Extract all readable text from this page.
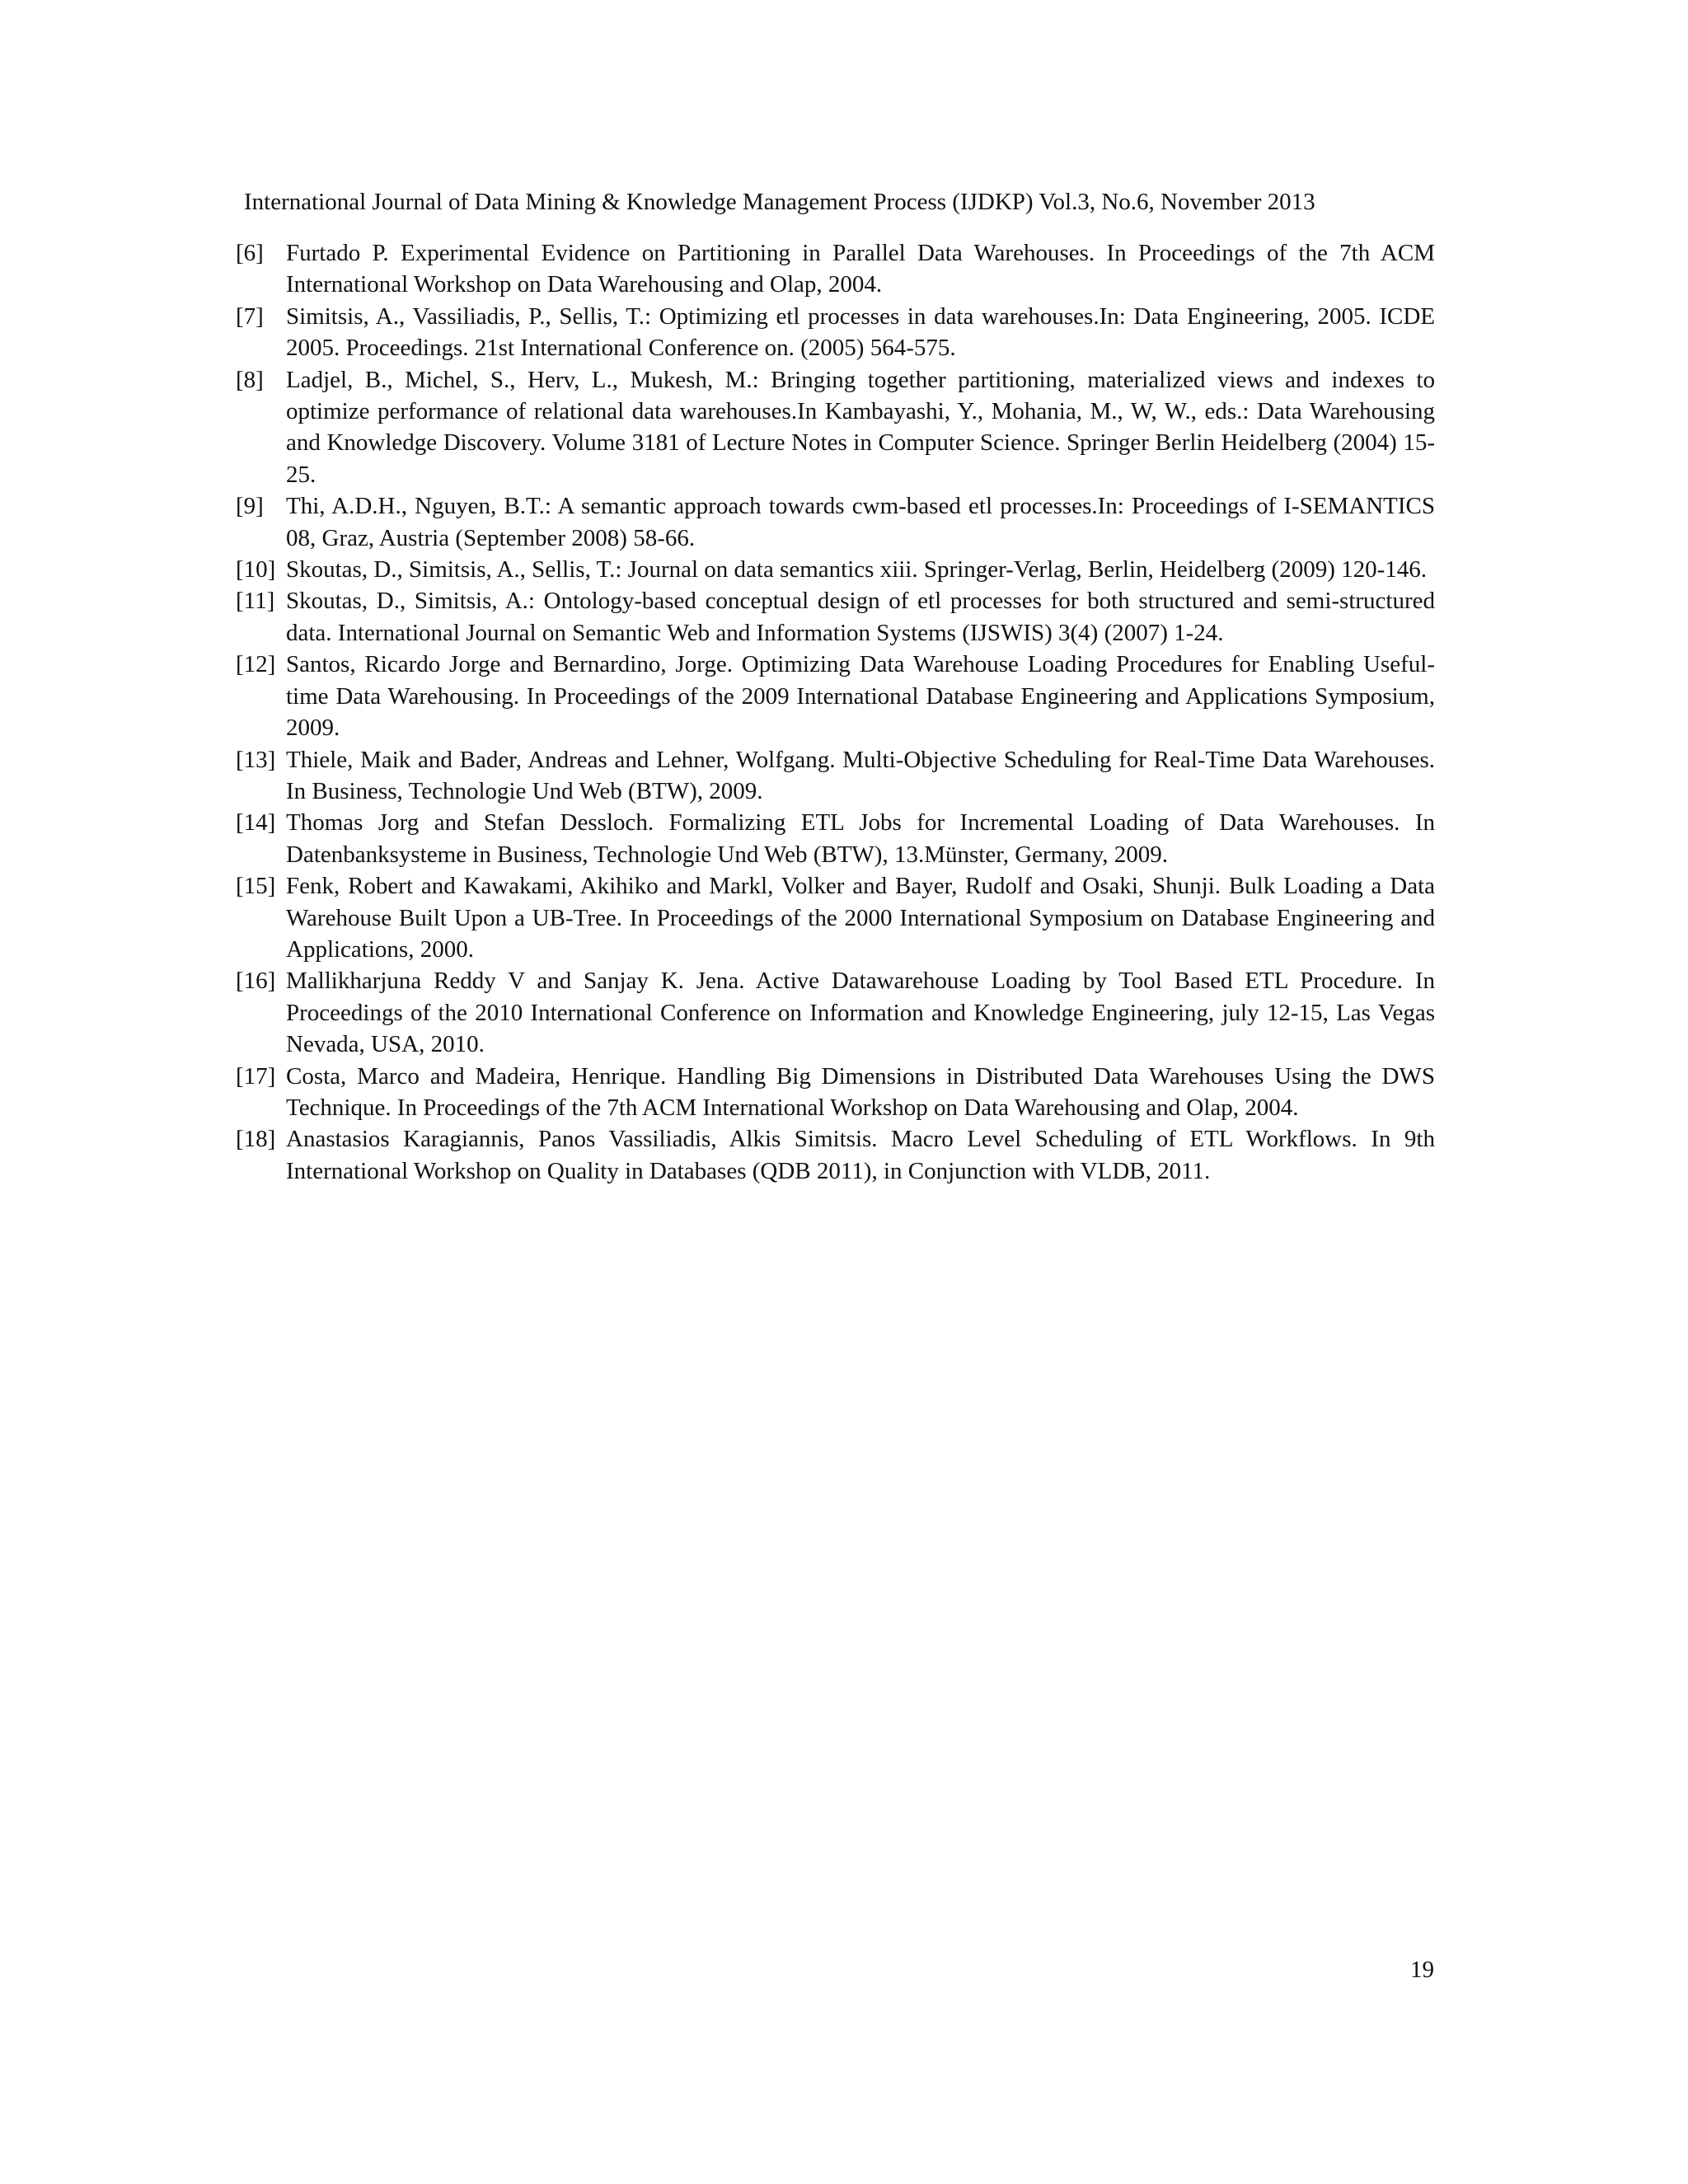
International Journal of Data Mining & Knowledge Management Process (IJDKP) Vol.3, No.6, November 2013
[6] Furtado P. Experimental Evidence on Partitioning in Parallel Data Warehouses. In Proceedings of the 7th ACM International Workshop on Data Warehousing and Olap, 2004.
[7] Simitsis, A., Vassiliadis, P., Sellis, T.: Optimizing etl processes in data warehouses.In: Data Engineering, 2005. ICDE 2005. Proceedings. 21st International Conference on. (2005) 564-575.
[8] Ladjel, B., Michel, S., Herv, L., Mukesh, M.: Bringing together partitioning, materialized views and indexes to optimize performance of relational data warehouses.In Kambayashi, Y., Mohania, M., W, W., eds.: Data Warehousing and Knowledge Discovery. Volume 3181 of Lecture Notes in Computer Science. Springer Berlin Heidelberg (2004) 15-25.
[9] Thi, A.D.H., Nguyen, B.T.: A semantic approach towards cwm-based etl processes.In: Proceedings of I-SEMANTICS 08, Graz, Austria (September 2008) 58-66.
[10] Skoutas, D., Simitsis, A., Sellis, T.: Journal on data semantics xiii. Springer-Verlag, Berlin, Heidelberg (2009) 120-146.
[11] Skoutas, D., Simitsis, A.: Ontology-based conceptual design of etl processes for both structured and semi-structured data. International Journal on Semantic Web and Information Systems (IJSWIS) 3(4) (2007) 1-24.
[12] Santos, Ricardo Jorge and Bernardino, Jorge. Optimizing Data Warehouse Loading Procedures for Enabling Useful-time Data Warehousing. In Proceedings of the 2009 International Database Engineering and Applications Symposium, 2009.
[13] Thiele, Maik and Bader, Andreas and Lehner, Wolfgang. Multi-Objective Scheduling for Real-Time Data Warehouses. In Business, Technologie Und Web (BTW), 2009.
[14] Thomas Jorg and Stefan Dessloch. Formalizing ETL Jobs for Incremental Loading of Data Warehouses. In Datenbanksysteme in Business, Technologie Und Web (BTW), 13.Münster, Germany, 2009.
[15] Fenk, Robert and Kawakami, Akihiko and Markl, Volker and Bayer, Rudolf and Osaki, Shunji. Bulk Loading a Data Warehouse Built Upon a UB-Tree. In Proceedings of the 2000 International Symposium on Database Engineering and Applications, 2000.
[16] Mallikharjuna Reddy V and Sanjay K. Jena. Active Datawarehouse Loading by Tool Based ETL Procedure. In Proceedings of the 2010 International Conference on Information and Knowledge Engineering, july 12-15, Las Vegas Nevada, USA, 2010.
[17] Costa, Marco and Madeira, Henrique. Handling Big Dimensions in Distributed Data Warehouses Using the DWS Technique. In Proceedings of the 7th ACM International Workshop on Data Warehousing and Olap, 2004.
[18] Anastasios Karagiannis, Panos Vassiliadis, Alkis Simitsis. Macro Level Scheduling of ETL Workflows. In 9th International Workshop on Quality in Databases (QDB 2011), in Conjunction with VLDB, 2011.
19
